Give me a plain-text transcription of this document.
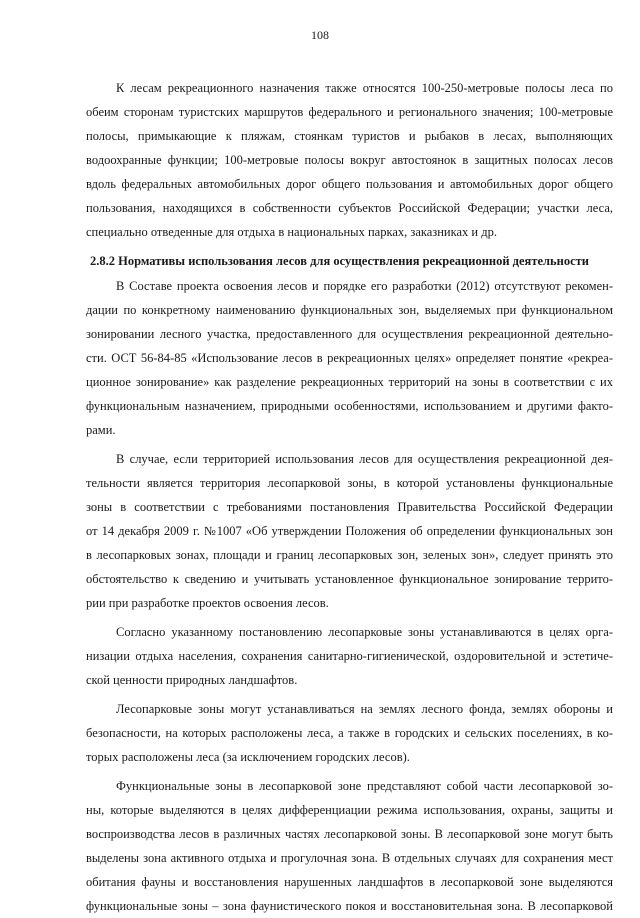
108
К лесам рекреационного назначения также относятся 100-250-метровые полосы леса по
обеим сторонам туристских маршрутов федерального и регионального значения; 100-метровые
полосы, примыкающие к пляжам, стоянкам туристов и рыбаков в лесах, выполняющих
водоохранные функции; 100-метровые полосы вокруг автостоянок в защитных полосах лесов
вдоль федеральных автомобильных дорог общего пользования и автомобильных дорог общего
пользования, находящихся в собственности субъектов Российской Федерации; участки леса,
специально отведенные для отдыха в национальных парках, заказниках и др.
2.8.2 Нормативы использования лесов для осуществления рекреационной деятельности
В Составе проекта освоения лесов и порядке его разработки (2012) отсутствуют рекомен-
дации по конкретному наименованию функциональных зон, выделяемых при функциональном
зонировании лесного участка, предоставленного для осуществления рекреационной деятельно-
сти. ОСТ 56-84-85 «Использование лесов в рекреационных целях» определяет понятие «рекреа-
ционное зонирование» как разделение рекреационных территорий на зоны в соответствии с их
функциональным назначением, природными особенностями, использованием и другими факто-
рами.
В случае, если территорией использования лесов для осуществления рекреационной дея-
тельности является территория лесопарковой зоны, в которой установлены функциональные
зоны в соответствии с требованиями постановления Правительства Российской Федерации
от 14 декабря 2009 г. №1007 «Об утверждении Положения об определении функциональных зон
в лесопарковых зонах, площади и границ лесопарковых зон, зеленых зон», следует принять это
обстоятельство к сведению и учитывать установленное функциональное зонирование террито-
рии при разработке проектов освоения лесов.
Согласно указанному постановлению лесопарковые зоны устанавливаются в целях орга-
низации отдыха населения, сохранения санитарно-гигиенической, оздоровительной и эстетиче-
ской ценности природных ландшафтов.
Лесопарковые зоны могут устанавливаться на землях лесного фонда, землях обороны и
безопасности, на которых расположены леса, а также в городских и сельских поселениях, в ко-
торых расположены леса (за исключением городских лесов).
Функциональные зоны в лесопарковой зоне представляют собой части лесопарковой зо-
ны, которые выделяются в целях дифференциации режима использования, охраны, защиты и
воспроизводства лесов в различных частях лесопарковой зоны. В лесопарковой зоне могут быть
выделены зона активного отдыха и прогулочная зона. В отдельных случаях для сохранения мест
обитания фауны и восстановления нарушенных ландшафтов в лесопарковой зоне выделяются
функциональные зоны – зона фаунистического покоя и восстановительная зона. В лесопарковой
